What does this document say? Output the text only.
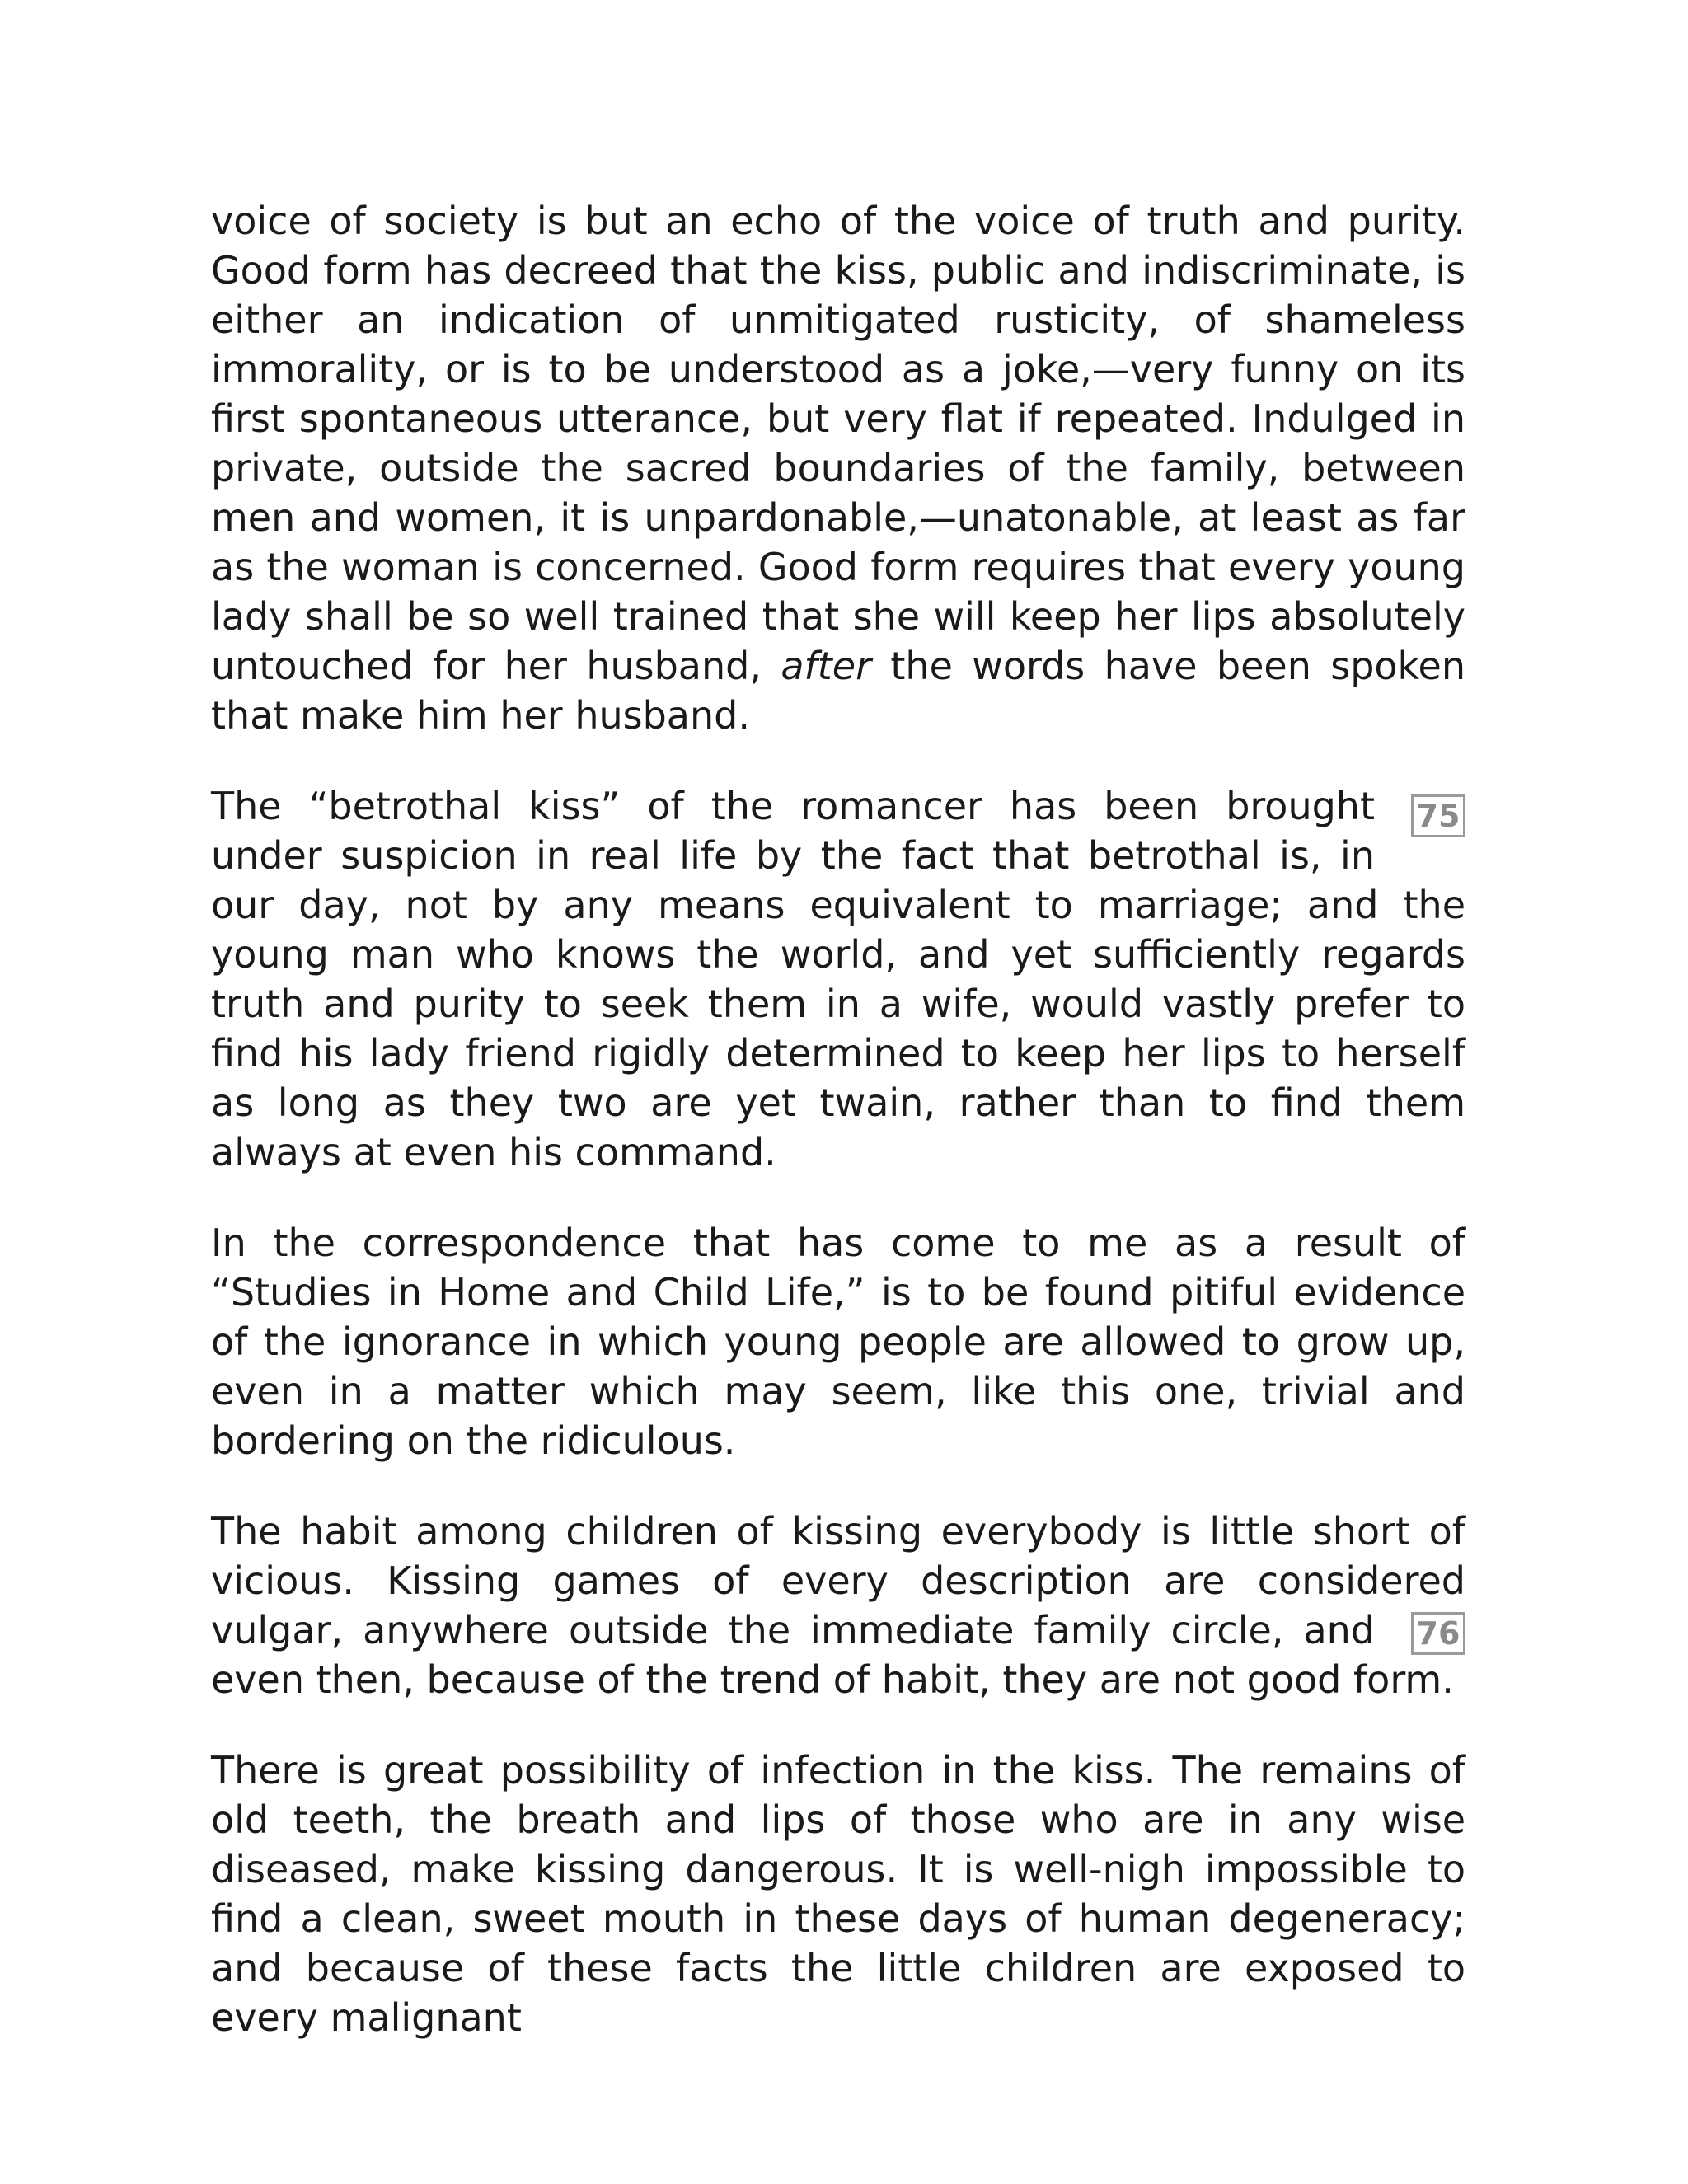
voice of society is but an echo of the voice of truth and purity. Good form has decreed that the kiss, public and indiscriminate, is either an indication of unmitigated rusticity, of shameless immorality, or is to be understood as a joke,—very funny on its first spontaneous utterance, but very flat if repeated. Indulged in private, outside the sacred boundaries of the family, between men and women, it is unpardonable,—unatonable, at least as far as the woman is concerned. Good form requires that every young lady shall be so well trained that she will keep her lips absolutely untouched for her husband, after the words have been spoken that make him her husband.

75
The “betrothal kiss” of the romancer has been brought under suspicion in real life by the fact that betrothal is, in our day, not by any means equivalent to marriage; and the young man who knows the world, and yet sufficiently regards truth and purity to seek them in a wife, would vastly prefer to find his lady friend rigidly determined to keep her lips to herself as long as they two are yet twain, rather than to find them always at even his command.

In the correspondence that has come to me as a result of “Studies in Home and Child Life,” is to be found pitiful evidence of the ignorance in which young people are allowed to grow up, even in a matter which may seem, like this one, trivial and bordering on the ridiculous.

The habit among children of kissing everybody is little short of vicious. Kissing games of every description are considered vulgar,
anywhere outside the immediate family circle, and even then, because of the trend of habit, they are not good form.
76

There is great possibility of infection in the kiss. The remains of old teeth, the breath and lips of those who are in any wise diseased, make kissing dangerous. It is well-nigh impossible to find a clean, sweet mouth in these days of human degeneracy; and because of these facts the little children are exposed to every malignant
